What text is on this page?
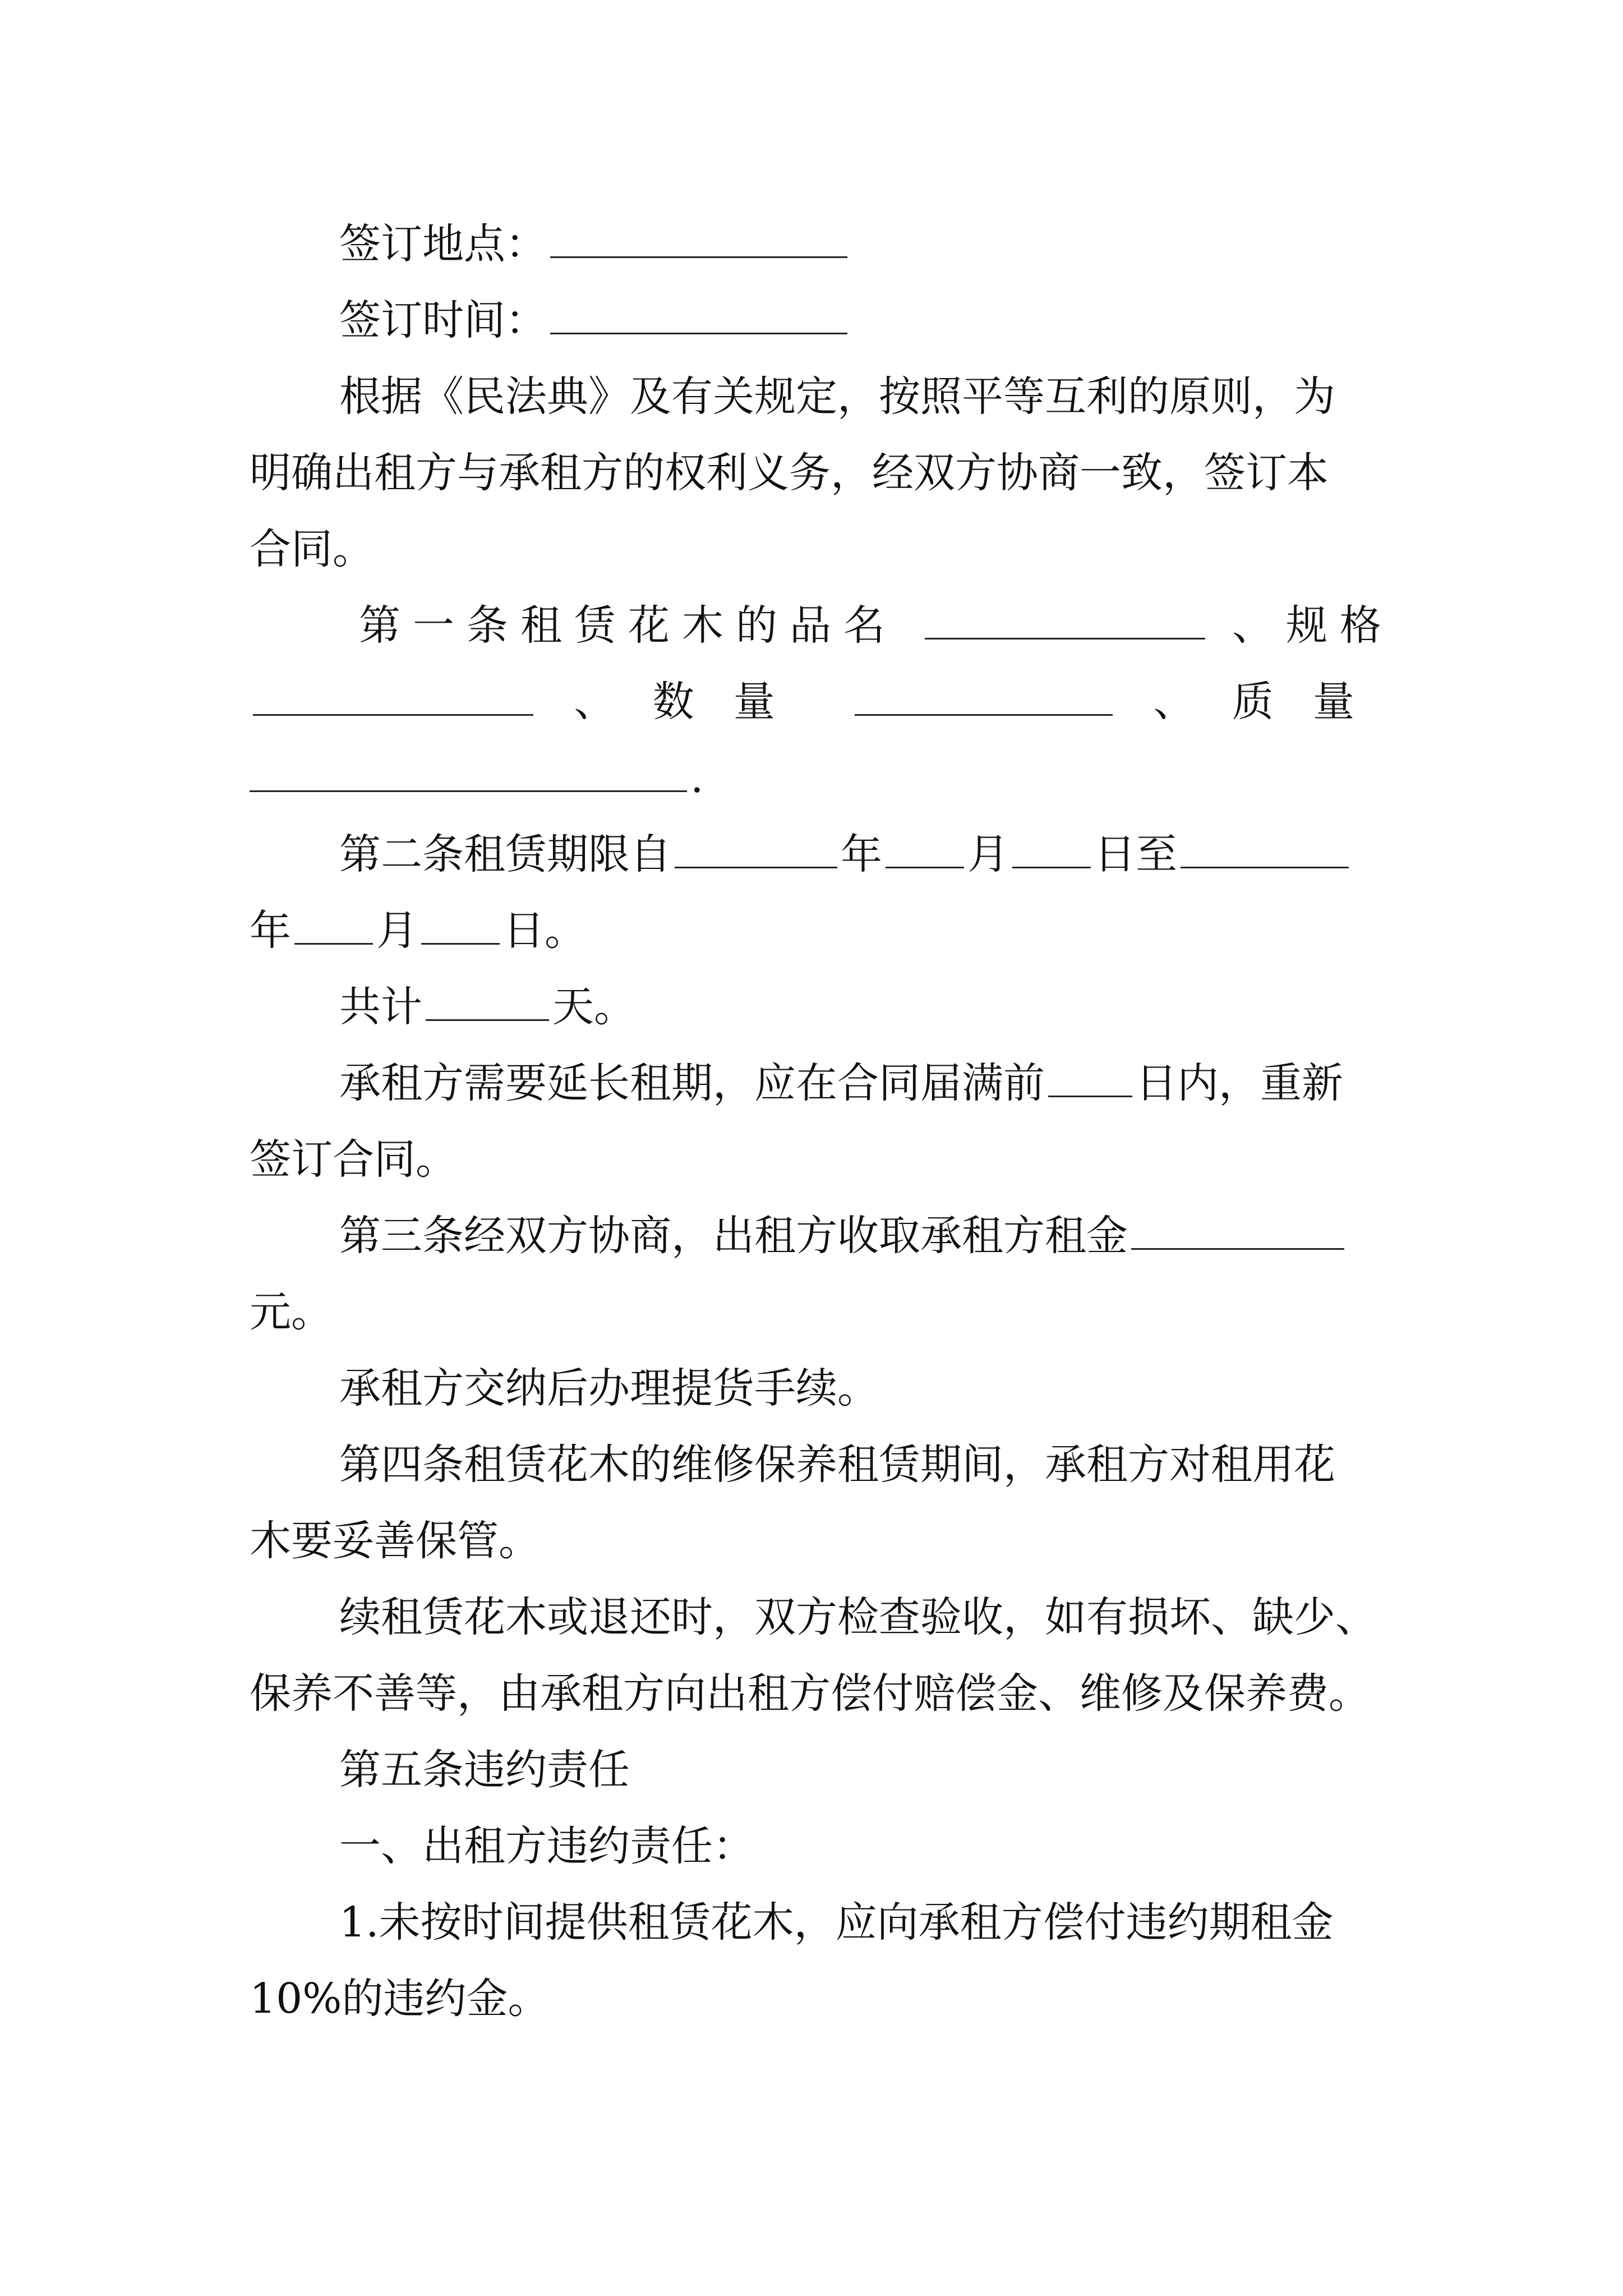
签订地点：
签订时间：
根据《民法典》及有关规定，按照平等互利的原则，为
明确出租方与承租方的权利义务，经双方协商一致，签订本
合同。
第一条租赁花木的品名	、规格
、 数量	、 质量
.
第二条租赁期限自	年 月 日至
年 月 日。
共计	天。
承租方需要延长租期，应在合同届满前 日内，重新
签订合同。
第三条经双方协商，出租方收取承租方租金
元。
承租方交纳后办理提货手续。
第四条租赁花木的维修保养租赁期间，承租方对租用花
木要妥善保管。
续租赁花木或退还时，双方检查验收，如有损坏、缺少、
保养不善等，由承租方向出租方偿付赔偿金、维修及保养费。
第五条违约责任
一、出租方违约责任：
1.未按时间提供租赁花木，应向承租方偿付违约期租金
10%的违约金。
